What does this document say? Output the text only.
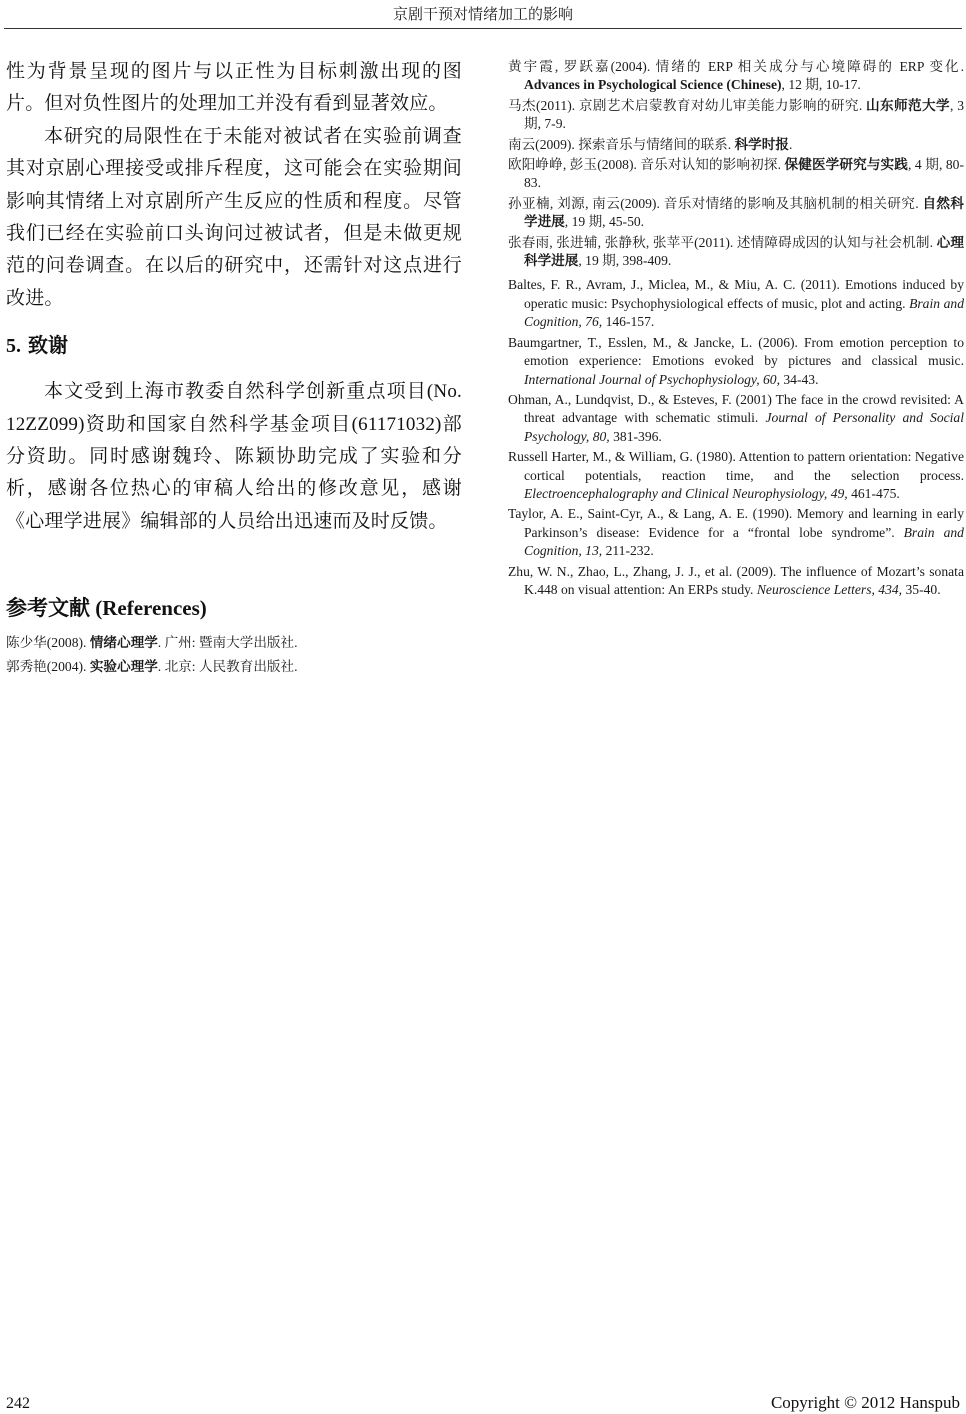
京剧干预对情绪加工的影响

性为背景呈现的图片与以正性为目标刺激出现的图片。但对负性图片的处理加工并没有看到显著效应。

本研究的局限性在于未能对被试者在实验前调查其对京剧心理接受或排斥程度，这可能会在实验期间影响其情绪上对京剧所产生反应的性质和程度。尽管我们已经在实验前口头询问过被试者，但是未做更规范的问卷调查。在以后的研究中，还需针对这点进行改进。

5. 致谢

本文受到上海市教委自然科学创新重点项目(No. 12ZZ099)资助和国家自然科学基金项目(61171032)部分资助。同时感谢魏玲、陈颖协助完成了实验和分析，感谢各位热心的审稿人给出的修改意见，感谢《心理学进展》编辑部的人员给出迅速而及时反馈。

参考文献 (References)

陈少华(2008). 情绪心理学. 广州: 暨南大学出版社.

郭秀艳(2004). 实验心理学. 北京: 人民教育出版社.

黄宇霞, 罗跃嘉(2004). 情绪的 ERP 相关成分与心境障碍的 ERP 变化. Advances in Psychological Science (Chinese), 12 期, 10-17.

马杰(2011). 京剧艺术启蒙教育对幼儿审美能力影响的研究. 山东师范大学, 3 期, 7-9.

南云(2009). 探索音乐与情绪间的联系. 科学时报.

欧阳峥峥, 彭玉(2008). 音乐对认知的影响初探. 保健医学研究与实践, 4 期, 80-83.

孙亚楠, 刘源, 南云(2009). 音乐对情绪的影响及其脑机制的相关研究. 自然科学进展, 19 期, 45-50.

张春雨, 张进辅, 张静秋, 张苹平(2011). 述情障碍成因的认知与社会机制. 心理科学进展, 19 期, 398-409.

Baltes, F. R., Avram, J., Miclea, M., & Miu, A. C. (2011). Emotions induced by operatic music: Psychophysiological effects of music, plot and acting. Brain and Cognition, 76, 146-157.

Baumgartner, T., Esslen, M., & Jancke, L. (2006). From emotion perception to emotion experience: Emotions evoked by pictures and classical music. International Journal of Psychophysiology, 60, 34-43.

Ohman, A., Lundqvist, D., & Esteves, F. (2001) The face in the crowd revisited: A threat advantage with schematic stimuli. Journal of Personality and Social Psychology, 80, 381-396.

Russell Harter, M., & William, G. (1980). Attention to pattern orientation: Negative cortical potentials, reaction time, and the selection process. Electroencephalography and Clinical Neurophysiology, 49, 461-475.

Taylor, A. E., Saint-Cyr, A., & Lang, A. E. (1990). Memory and learning in early Parkinson’s disease: Evidence for a “frontal lobe syndrome”. Brain and Cognition, 13, 211-232.

Zhu, W. N., Zhao, L., Zhang, J. J., et al. (2009). The influence of Mozart’s sonata K.448 on visual attention: An ERPs study. Neuroscience Letters, 434, 35-40.

242	Copyright © 2012 Hanspub
